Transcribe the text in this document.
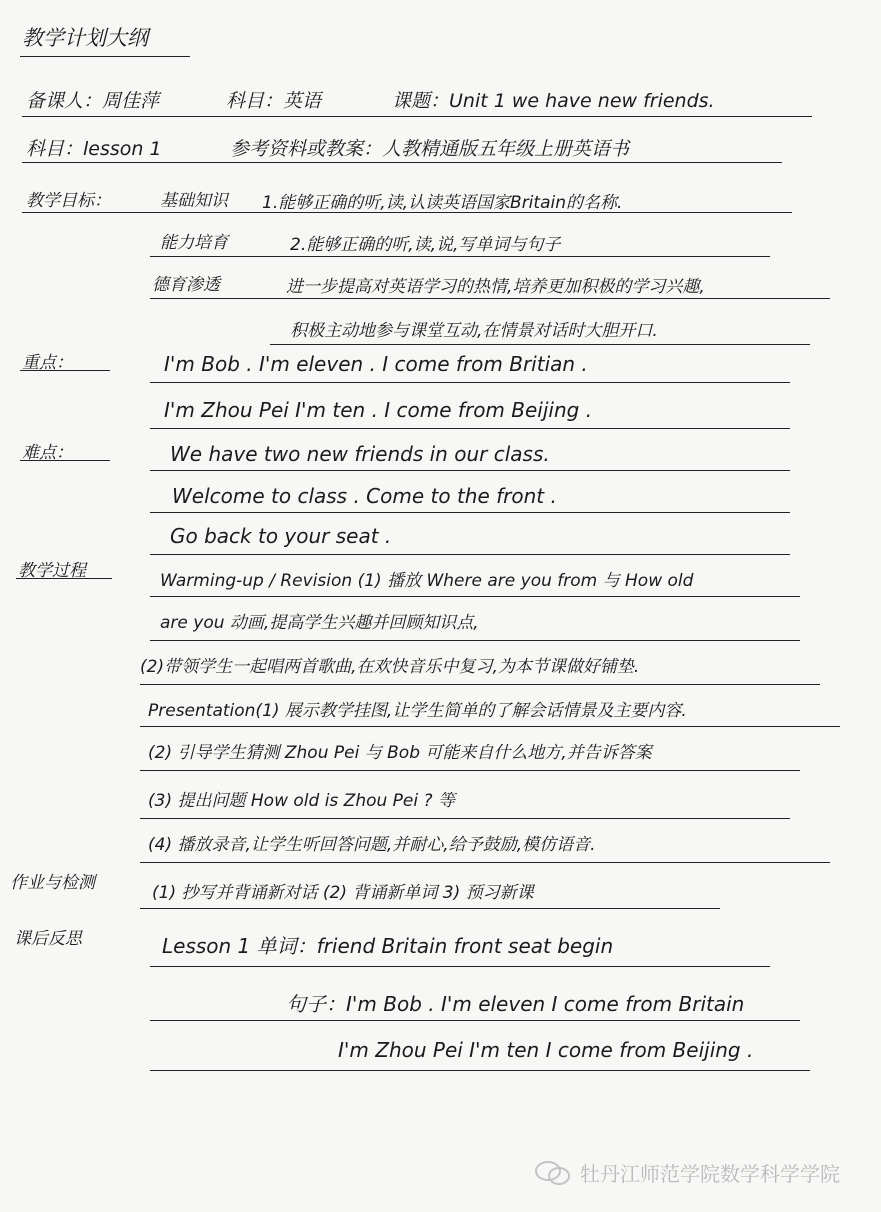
教学计划大纲
备课人：周佳萍	科目：英语	课题：Unit 1 we have new friends.
科目：lesson 1	参考资料或教案：人教精通版五年级上册英语书
教学目标：	基础知识 1.能够正确的听,读,认读英语国家Britain的名称.
能力培育	2.能够正确的听,读,说,写单词与句子
德育渗透	进一步提高对英语学习的热情,培养更加积极的学习兴趣,
积极主动地参与课堂互动,在情景对话时大胆开口.
重点：	I'm Bob . I'm eleven . I come from Britian .
I'm Zhou Pei I'm ten . I come from Beijing .
难点：	We have two new friends in our class.
Welcome to class . Come to the front .
Go back to your seat .
教学过程	Warming-up / Revision (1) 播放 Where are you from 与 How old
are you 动画,提高学生兴趣并回顾知识点,
(2)带领学生一起唱两首歌曲,在欢快音乐中复习,为本节课做好铺垫.
Presentation(1) 展示教学挂图,让学生简单的了解会话情景及主要内容.
(2) 引导学生猜测 Zhou Pei 与 Bob 可能来自什么地方,并告诉答案
(3) 提出问题 How old is Zhou Pei ? 等
(4) 播放录音,让学生听回答问题,并耐心,给予鼓励,模仿语音.
作业与检测	(1) 抄写并背诵新对话 (2) 背诵新单词 3) 预习新课
课后反思	Lesson 1 单词：friend Britain front seat begin
句子：I'm Bob . I'm eleven I come from Britain
I'm Zhou Pei I'm ten I come from Beijing .
牡丹江师范学院数学科学学院
